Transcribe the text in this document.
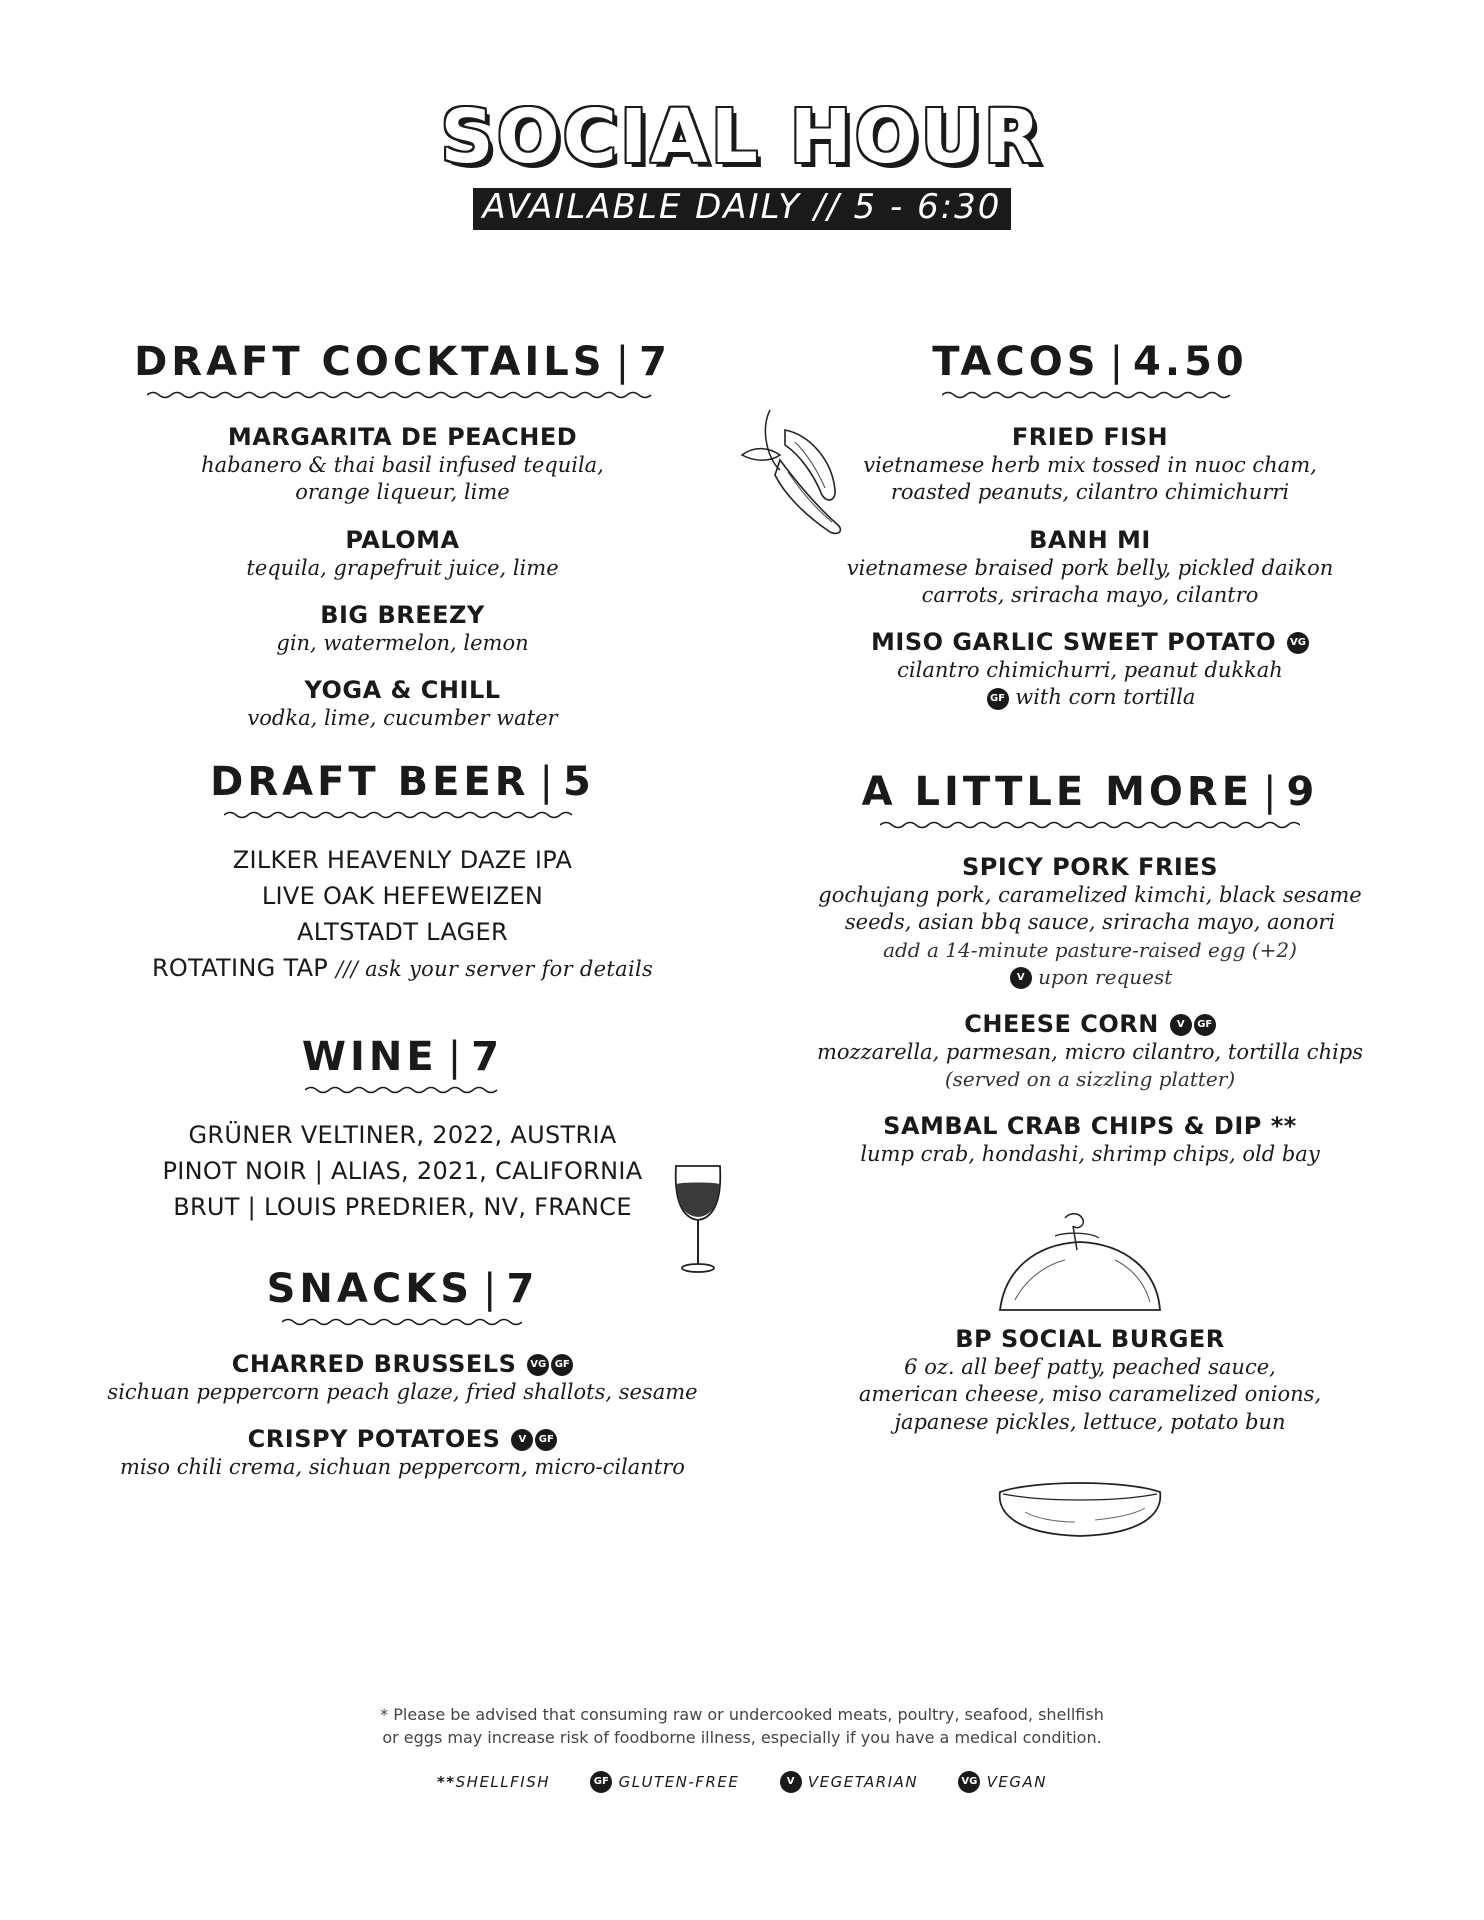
SOCIAL HOUR
AVAILABLE DAILY // 5 - 6:30
DRAFT COCKTAILS | 7
MARGARITA DE PEACHED
habanero & thai basil infused tequila,
orange liqueur, lime
PALOMA
tequila, grapefruit juice, lime
BIG BREEZY
gin, watermelon, lemon
YOGA & CHILL
vodka, lime, cucumber water
DRAFT BEER | 5
ZILKER HEAVENLY DAZE IPA
LIVE OAK HEFEWEIZEN
ALTSTADT LAGER
ROTATING TAP /// ask your server for details
WINE | 7
GRÜNER VELTINER, 2022, AUSTRIA
PINOT NOIR | ALIAS, 2021, CALIFORNIA
BRUT | LOUIS PREDRIER, NV, FRANCE
SNACKS | 7
CHARRED BRUSSELS VG GF
sichuan peppercorn peach glaze, fried shallots, sesame
CRISPY POTATOES V GF
miso chili crema, sichuan peppercorn, micro-cilantro
TACOS | 4.50
FRIED FISH
vietnamese herb mix tossed in nuoc cham,
roasted peanuts, cilantro chimichurri
BANH MI
vietnamese braised pork belly, pickled daikon
carrots, sriracha mayo, cilantro
MISO GARLIC SWEET POTATO VG
cilantro chimichurri, peanut dukkah
GF with corn tortilla
A LITTLE MORE | 9
SPICY PORK FRIES
gochujang pork, caramelized kimchi, black sesame
seeds, asian bbq sauce, sriracha mayo, aonori
add a 14-minute pasture-raised egg (+2)
V upon request
CHEESE CORN V GF
mozzarella, parmesan, micro cilantro, tortilla chips
(served on a sizzling platter)
SAMBAL CRAB CHIPS & DIP **
lump crab, hondashi, shrimp chips, old bay
BP SOCIAL BURGER
6 oz. all beef patty, peached sauce,
american cheese, miso caramelized onions,
japanese pickles, lettuce, potato bun
* Please be advised that consuming raw or undercooked meats, poultry, seafood, shellfish
or eggs may increase risk of foodborne illness, especially if you have a medical condition.
**SHELLFISH	GF GLUTEN-FREE	V VEGETARIAN	VG VEGAN
